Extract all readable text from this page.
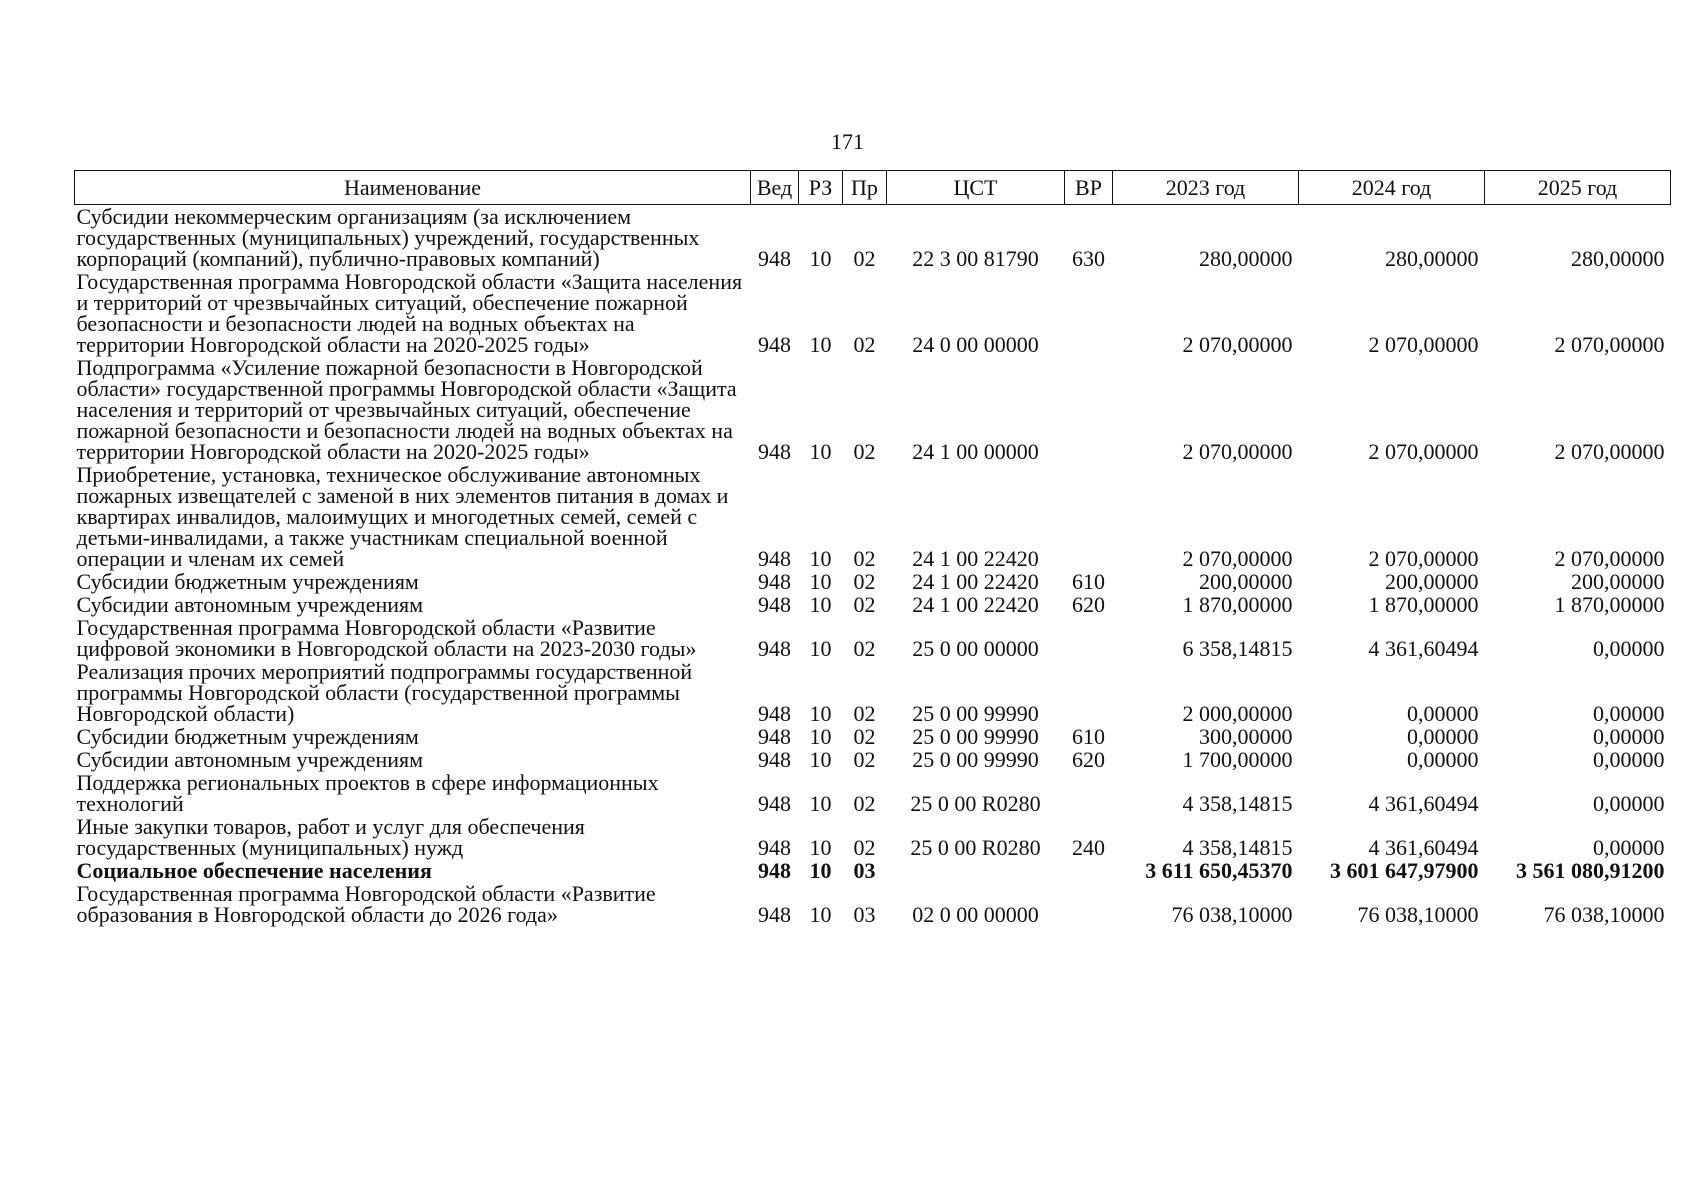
171
Наименование	Вед	РЗ	Пр	ЦСТ	ВР	2023 год	2024 год	2025 год
Субсидии некоммерческим организациям (за исключением государственных (муниципальных) учреждений, государственных корпораций (компаний), публично-правовых компаний)	948	10	02	22 3 00 81790	630	280,00000	280,00000	280,00000
Государственная программа Новгородской области «Защита населения и территорий от чрезвычайных ситуаций, обеспечение пожарной безопасности и безопасности людей на водных объектах на территории Новгородской области на 2020-2025 годы»	948	10	02	24 0 00 00000		2 070,00000	2 070,00000	2 070,00000
Подпрограмма «Усиление пожарной безопасности в Новгородской области» государственной программы Новгородской области «Защита населения и территорий от чрезвычайных ситуаций, обеспечение пожарной безопасности и безопасности людей на водных объектах на территории Новгородской области на 2020-2025 годы»	948	10	02	24 1 00 00000		2 070,00000	2 070,00000	2 070,00000
Приобретение, установка, техническое обслуживание автономных пожарных извещателей с заменой в них элементов питания в домах и квартирах инвалидов, малоимущих и многодетных семей, семей с детьми-инвалидами, а также участникам специальной военной операции и членам их семей	948	10	02	24 1 00 22420		2 070,00000	2 070,00000	2 070,00000
Субсидии бюджетным учреждениям	948	10	02	24 1 00 22420	610	200,00000	200,00000	200,00000
Субсидии автономным учреждениям	948	10	02	24 1 00 22420	620	1 870,00000	1 870,00000	1 870,00000
Государственная программа Новгородской области «Развитие цифровой экономики в Новгородской области на 2023-2030 годы»	948	10	02	25 0 00 00000		6 358,14815	4 361,60494	0,00000
Реализация прочих мероприятий подпрограммы государственной программы Новгородской области (государственной программы Новгородской области)	948	10	02	25 0 00 99990		2 000,00000	0,00000	0,00000
Субсидии бюджетным учреждениям	948	10	02	25 0 00 99990	610	300,00000	0,00000	0,00000
Субсидии автономным учреждениям	948	10	02	25 0 00 99990	620	1 700,00000	0,00000	0,00000
Поддержка региональных проектов в сфере информационных технологий	948	10	02	25 0 00 R0280		4 358,14815	4 361,60494	0,00000
Иные закупки товаров, работ и услуг для обеспечения государственных (муниципальных) нужд	948	10	02	25 0 00 R0280	240	4 358,14815	4 361,60494	0,00000
Социальное обеспечение населения	948	10	03			3 611 650,45370	3 601 647,97900	3 561 080,91200
Государственная программа Новгородской области «Развитие образования в Новгородской области до 2026 года»	948	10	03	02 0 00 00000		76 038,10000	76 038,10000	76 038,10000
